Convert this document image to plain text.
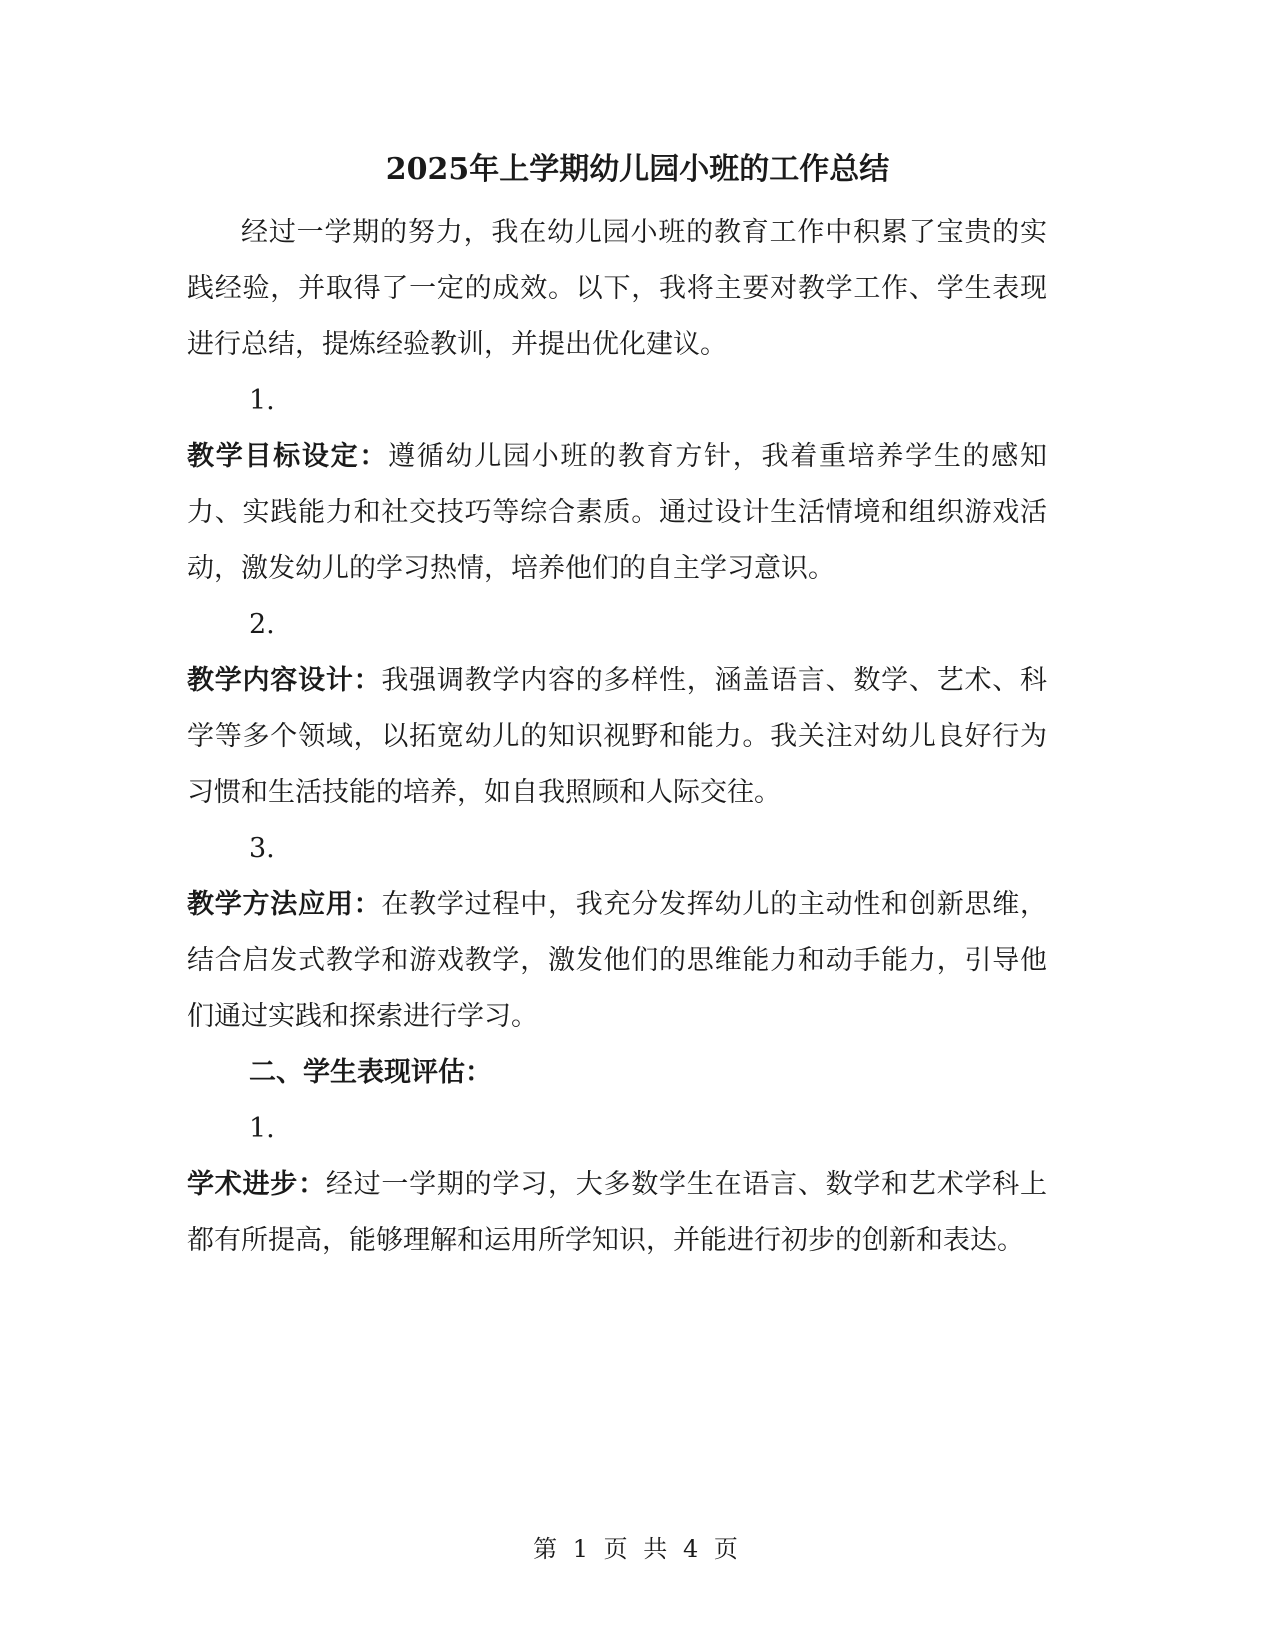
2025年上学期幼儿园小班的工作总结

经过一学期的努力，我在幼儿园小班的教育工作中积累了宝贵的实践经验，并取得了一定的成效。以下，我将主要对教学工作、学生表现进行总结，提炼经验教训，并提出优化建议。

1.

教学目标设定：遵循幼儿园小班的教育方针，我着重培养学生的感知力、实践能力和社交技巧等综合素质。通过设计生活情境和组织游戏活动，激发幼儿的学习热情，培养他们的自主学习意识。

2.

教学内容设计：我强调教学内容的多样性，涵盖语言、数学、艺术、科学等多个领域，以拓宽幼儿的知识视野和能力。我关注对幼儿良好行为习惯和生活技能的培养，如自我照顾和人际交往。

3.

教学方法应用：在教学过程中，我充分发挥幼儿的主动性和创新思维，结合启发式教学和游戏教学，激发他们的思维能力和动手能力，引导他们通过实践和探索进行学习。

二、学生表现评估：

1.

学术进步：经过一学期的学习，大多数学生在语言、数学和艺术学科上都有所提高，能够理解和运用所学知识，并能进行初步的创新和表达。

第 1 页 共 4 页
